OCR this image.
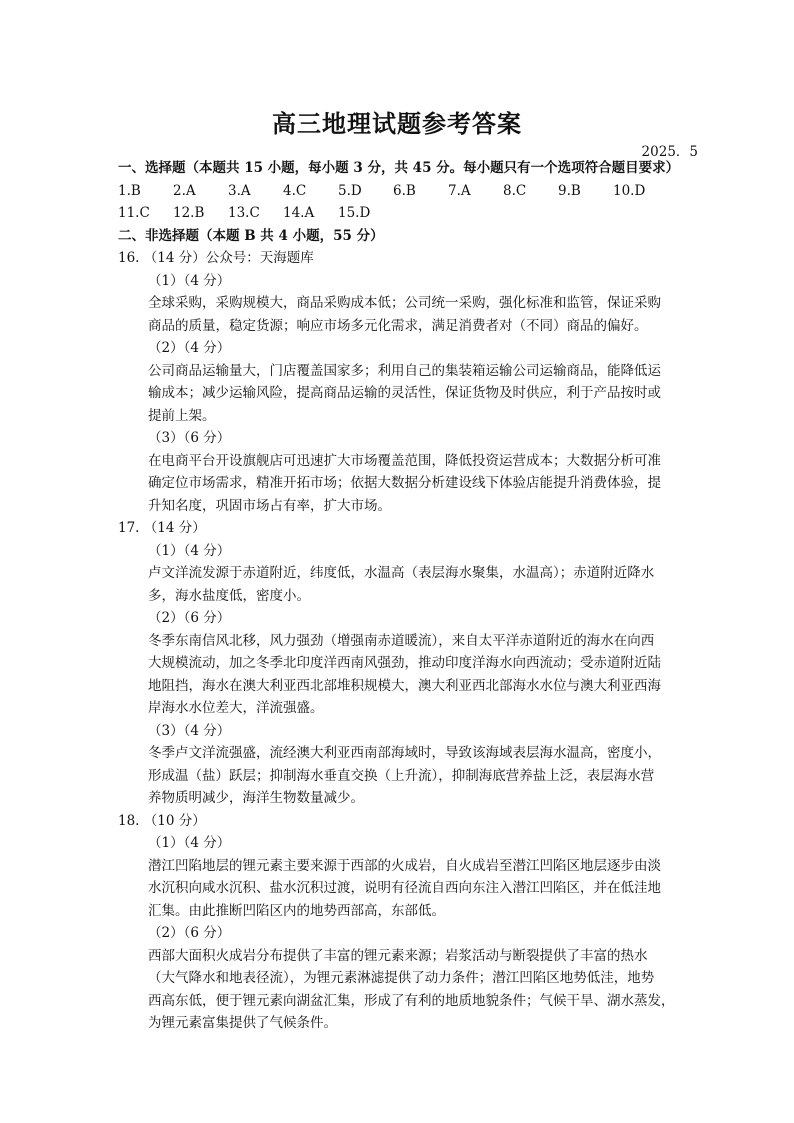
高三地理试题参考答案
2025．5
一、选择题（本题共 15 小题，每小题 3 分，共 45 分。每小题只有一个选项符合题目要求）
1.B	2.A	3.A	4.C	5.D	6.B	7.A	8.C	9.B	10.D
11.C	12.B	13.C	14.A	15.D
二、非选择题（本题 B 共 4 小题，55 分）
16. （14 分）公众号：天海题库
（1）（4 分）
全球采购，采购规模大，商品采购成本低；公司统一采购，强化标准和监管，保证采购
商品的质量，稳定货源；响应市场多元化需求，满足消费者对（不同）商品的偏好。
（2）（4 分）
公司商品运输量大，门店覆盖国家多；利用自己的集装箱运输公司运输商品，能降低运
输成本；减少运输风险，提高商品运输的灵活性，保证货物及时供应，利于产品按时或
提前上架。
（3）（6 分）
在电商平台开设旗舰店可迅速扩大市场覆盖范围，降低投资运营成本；大数据分析可准
确定位市场需求，精准开拓市场；依据大数据分析建设线下体验店能提升消费体验，提
升知名度，巩固市场占有率，扩大市场。
17. （14 分）
（1）（4 分）
卢文洋流发源于赤道附近，纬度低，水温高（表层海水聚集，水温高）；赤道附近降水
多，海水盐度低，密度小。
（2）（6 分）
冬季东南信风北移，风力强劲（增强南赤道暖流），来自太平洋赤道附近的海水在向西
大规模流动，加之冬季北印度洋西南风强劲，推动印度洋海水向西流动；受赤道附近陆
地阻挡，海水在澳大利亚西北部堆积规模大，澳大利亚西北部海水水位与澳大利亚西海
岸海水水位差大，洋流强盛。
（3）（4 分）
冬季卢文洋流强盛，流经澳大利亚西南部海域时，导致该海域表层海水温高，密度小，
形成温（盐）跃层；抑制海水垂直交换（上升流），抑制海底营养盐上泛，表层海水营
养物质明减少，海洋生物数量减少。
18. （10 分）
（1）（4 分）
潜江凹陷地层的锂元素主要来源于西部的火成岩，自火成岩至潜江凹陷区地层逐步由淡
水沉积向咸水沉积、盐水沉积过渡，说明有径流自西向东注入潜江凹陷区，并在低洼地
汇集。由此推断凹陷区内的地势西部高，东部低。
（2）（6 分）
西部大面积火成岩分布提供了丰富的锂元素来源；岩浆活动与断裂提供了丰富的热水
（大气降水和地表径流），为锂元素淋滤提供了动力条件；潜江凹陷区地势低洼，地势
西高东低，便于锂元素向湖盆汇集，形成了有利的地质地貌条件；气候干旱、湖水蒸发，
为锂元素富集提供了气候条件。
